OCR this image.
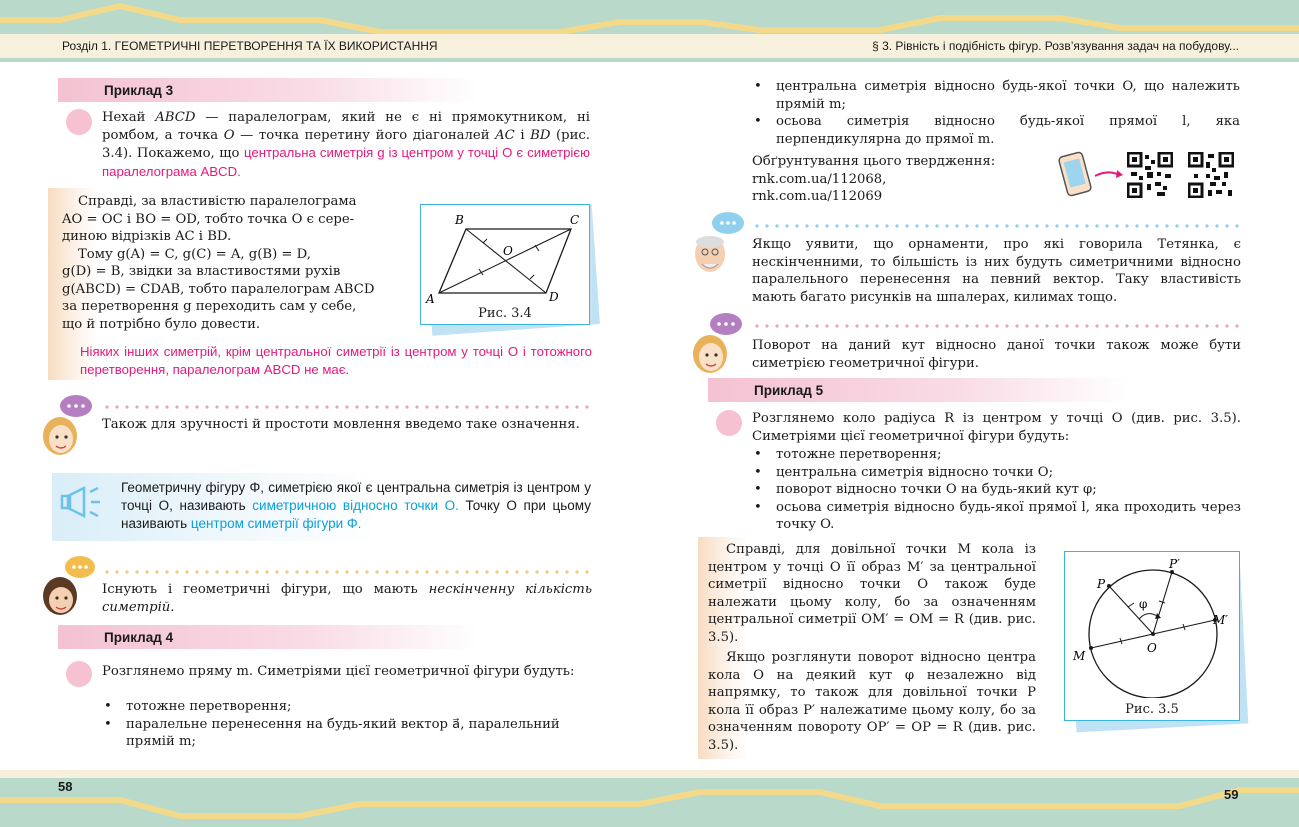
Розділ 1. ГЕОМЕТРИЧНІ ПЕРЕТВОРЕННЯ ТА ЇХ ВИКОРИСТАННЯ	§ 3. Рівність і подібність фігур. Розв’язування задач на побудову...
Приклад 3
Нехай ABCD — паралелограм, який не є ні прямокутником, ні ромбом, а точка O — точка перетину його діагоналей AC і BD (рис. 3.4). Покажемо, що центральна симетрія g із центром у точці O є симетрією паралелограма ABCD.
Справді, за властивістю паралелограма
AO = OC і BO = OD, тобто точка O є сере-
диною відрізків AC і BD.
Тому g(A) = C, g(C) = A, g(B) = D,
g(D) = B, звідки за властивостями рухів
g(ABCD) = CDAB, тобто паралелограм ABCD
за перетворення g переходить сам у себе,
що й потрібно було довести.
Ніяких інших симетрій, крім центральної симетрії із центром у точці O і тотожного перетворення, паралелограм ABCD не має.
B	C
A	D
O
Рис. 3.4
Також для зручності й простоти мовлення введемо таке означення.
Геометричну фігуру Φ, симетрією якої є центральна симетрія із центром у точці O, називають симетричною відносно точки O. Точку O при цьому називають центром симетрії фігури Φ.
Існують і геометричні фігури, що мають нескінченну кількість симетрій.
Приклад 4
Розглянемо пряму m. Симетріями цієї геометричної фігури будуть:
• тотожне перетворення;
• паралельне перенесення на будь-який вектор a⃗, паралельний прямій m;
• центральна симетрія відносно будь-якої точки O, що належить прямій m;
• осьова симетрія відносно будь-якої прямої l, яка перпендикулярна до прямої m.
Обґрунтування цього твердження:
rnk.com.ua/112068,
rnk.com.ua/112069
Якщо уявити, що орнаменти, про які говорила Тетянка, є нескінченними, то більшість із них будуть симетричними відносно паралельного перенесення на певний вектор. Таку властивість мають багато рисунків на шпалерах, килимах тощо.
Поворот на даний кут відносно даної точки також може бути симетрією геометричної фігури.
Приклад 5
Розглянемо коло радіуса R із центром у точці O (див. рис. 3.5). Симетріями цієї геометричної фігури будуть:
• тотожне перетворення;
• центральна симетрія відносно точки O;
• поворот відносно точки O на будь-який кут φ;
• осьова симетрія відносно будь-якої прямої l, яка проходить через точку O.
Справді, для довільної точки M кола із центром у точці O її образ M′ за центральної симетрії відносно точки O також буде належати цьому колу, бо за означенням центральної симетрії OM′ = OM = R (див. рис. 3.5).
Якщо розглянути поворот відносно центра кола O на деякий кут φ незалежно від напрямку, то також для довільної точки P кола її образ P′ належатиме цьому колу, бо за означенням повороту OP′ = OP = R (див. рис. 3.5).
P
P′
M
M′
O
φ
Рис. 3.5
58
59
